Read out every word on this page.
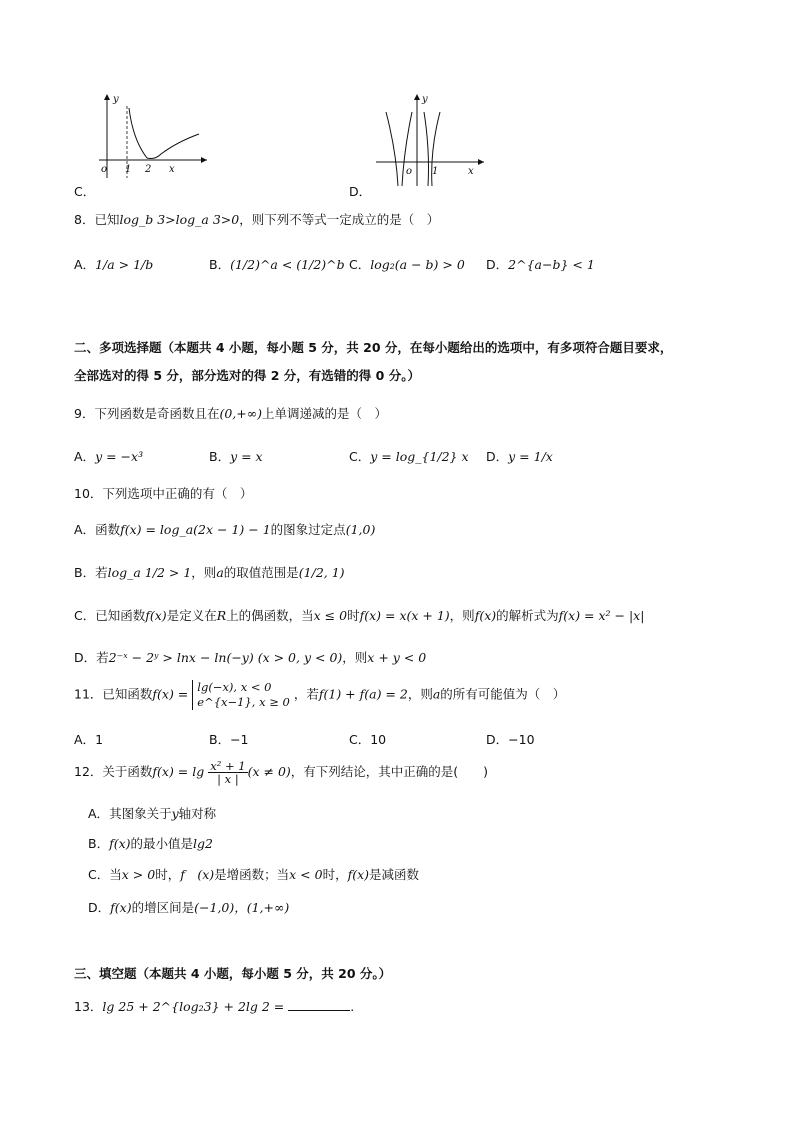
y
o 1 2 x
C．
y
o 1	x
D．
8．已知log_b 3>log_a 3>0，则下列不等式一定成立的是（　）
A．1/a > 1/b	B．(1/2)^a < (1/2)^b C．log₂(a − b) > 0 D．2^{a−b} < 1
二、多项选择题（本题共 4 小题，每小题 5 分，共 20 分，在每小题给出的选项中，有多项符合题目要求，
全部选对的得 5 分，部分选对的得 2 分，有选错的得 0 分。）
9．下列函数是奇函数且在(0,+∞)上单调递减的是（　）
A．y = −x³	B．y = x	C．y = log_{1/2} x D．y = 1/x
10．下列选项中正确的有（　）
A．函数f(x) = log_a(2x − 1) − 1的图象过定点(1,0)
B．若log_a 1/2 > 1，则a的取值范围是(1/2, 1)
C．已知函数f(x)是定义在R上的偶函数，当x ≤ 0时f(x) = x(x + 1)，则f(x)的解析式为f(x) = x² − |x|
D．若2⁻ˣ − 2ʸ > lnx − ln(−y) (x > 0, y < 0)，则x + y < 0
11．已知函数f(x) = lg(−x), x < 0
e^{x−1}, x ≥ 0
，若f(1) + f(a) = 2，则a的所有可能值为（　）
A．1	B．−1	C．10	D．−10
12．关于函数$f(x) = \lg \frac{\text{x² + 1}}{| x |} (x \ne 0)$，有下列结论，其中正确的是(　　)
A．其图象关于y轴对称
B．f(x)的最小值是lg2
C．当x > 0时，f　(x)是增函数；当x < 0时，f(x)是减函数
D．f(x)的增区间是(−1,0)，(1,+∞)
三、填空题（本题共 4 小题，每小题 5 分，共 20 分。）
13．lg 25 + 2^{log₂3} + 2lg 2 =	.
